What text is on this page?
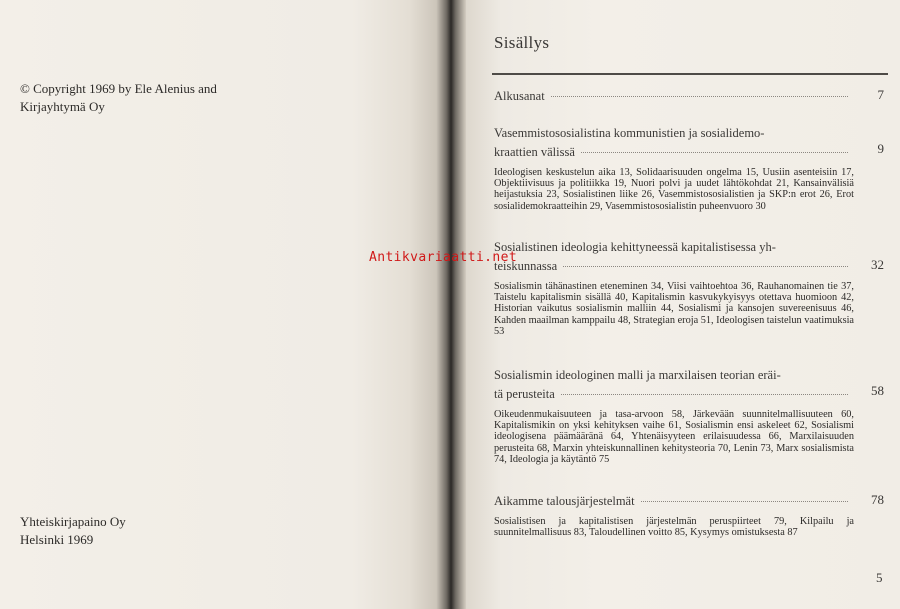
© Copyright 1969 by Ele Alenius and
Kirjayhtymä Oy
Yhteiskirjapaino Oy
Helsinki 1969
Sisällys
Alkusanat	7
Vasemmistososialistina kommunistien ja sosialidemo-
kraattien välissä	9
Ideologisen keskustelun aika 13, Solidaarisuuden ongelma 15, Uusiin asenteisiin 17, Objektiivisuus ja politiikka 19, Nuori polvi ja uudet lähtökohdat 21, Kansainvälisiä heijastuksia 23, Sosialistinen liike 26, Vasemmistososialistien ja SKP:n erot 26, Erot sosialidemokraatteihin 29, Vasemmistososialistin puheenvuoro 30
Sosialistinen ideologia kehittyneessä kapitalistisessa yh-
teiskunnassa	32
Sosialismin tähänastinen eteneminen 34, Viisi vaihtoehtoa 36, Rauhanomainen tie 37, Taistelu kapitalismin sisällä 40, Kapitalismin kasvukykyisyys otettava huomioon 42, Historian vaikutus sosialismin malliin 44, Sosialismi ja kansojen suvereenisuus 46, Kahden maailman kamppailu 48, Strategian eroja 51, Ideologisen taistelun vaatimuksia 53
Sosialismin ideologinen malli ja marxilaisen teorian eräi-
tä perusteita	58
Oikeudenmukaisuuteen ja tasa-arvoon 58, Järkevään suunnitelmallisuuteen 60, Kapitalismikin on yksi kehityksen vaihe 61, Sosialismin ensi askeleet 62, Sosialismi ideologisena päämääränä 64, Yhtenäisyyteen erilaisuudessa 66, Marxilaisuuden perusteita 68, Marxin yhteiskunnallinen kehitysteoria 70, Lenin 73, Marx sosialismista 74, Ideologia ja käytäntö 75
Aikamme talousjärjestelmät	78
Sosialistisen ja kapitalistisen järjestelmän peruspiirteet 79, Kilpailu ja suunnitelmallisuus 83, Taloudellinen voitto 85, Kysymys omistuksesta 87
5
Antikvariaatti.net
